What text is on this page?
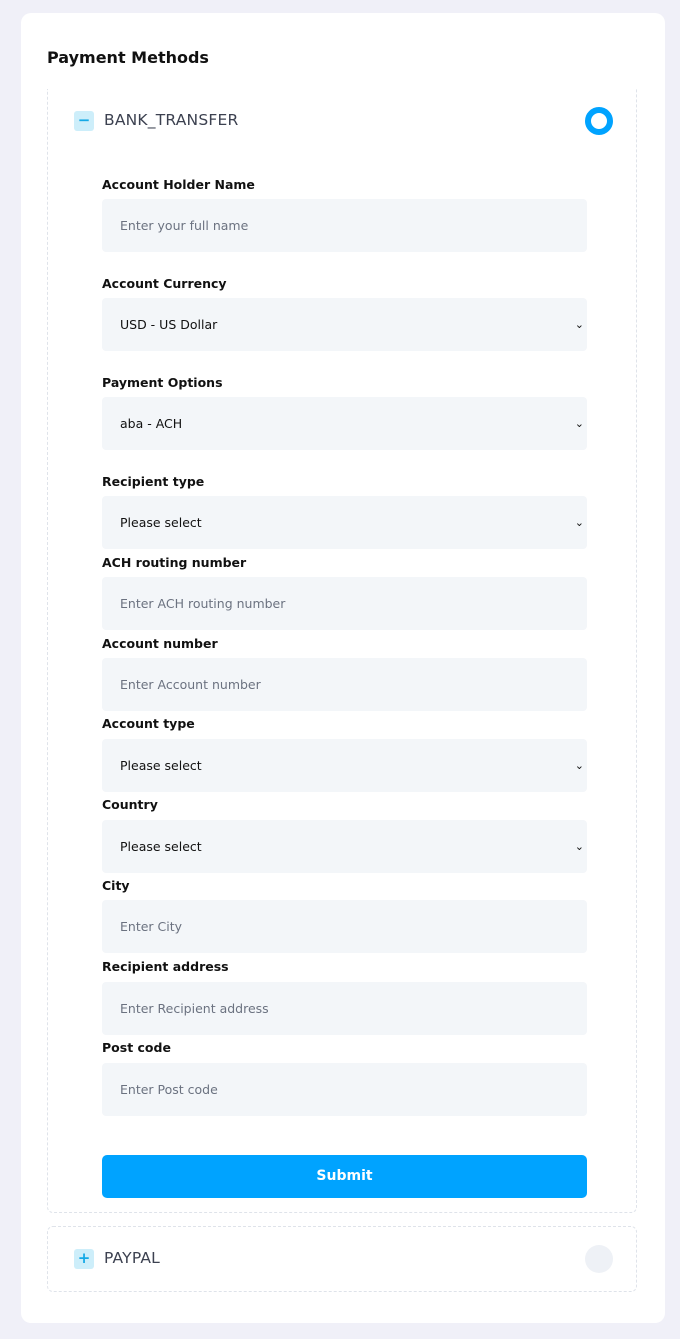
Payment Methods
− BANK_TRANSFER
Account Holder Name
Enter your full name
Account Currency
USD - US Dollar	⌄
Payment Options
aba - ACH	⌄
Recipient type
Please select	⌄
ACH routing number
Enter ACH routing number
Account number
Enter Account number
Account type
Please select	⌄
Country
Please select	⌄
City
Enter City
Recipient address
Enter Recipient address
Post code
Enter Post code
Submit
+ PAYPAL
